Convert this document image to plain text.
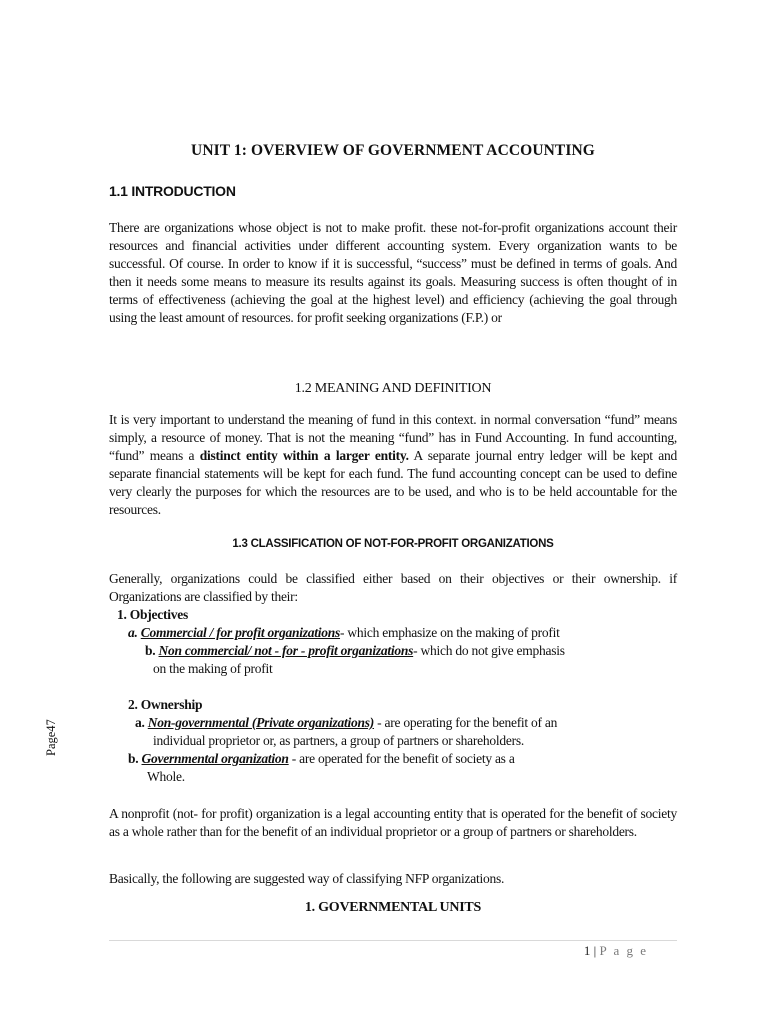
Page47
UNIT 1: OVERVIEW OF GOVERNMENT ACCOUNTING
1.1 INTRODUCTION

There are organizations whose object is not to make profit. these not-for-profit organizations account their resources and financial activities under different accounting system. Every organization wants to be successful. Of course. In order to know if it is successful, “success” must be defined in terms of goals. And then it needs some means to measure its results against its goals. Measuring success is often thought of in terms of effectiveness (achieving the goal at the highest level) and efficiency (achieving the goal through using the least amount of resources. for profit seeking organizations (F.P.) or

1.2 MEANING AND DEFINITION

It is very important to understand the meaning of fund in this context. in normal conversation “fund” means simply, a resource of money. That is not the meaning “fund” has in Fund Accounting. In fund accounting, “fund” means a distinct entity within a larger entity. A separate journal entry ledger will be kept and separate financial statements will be kept for each fund. The fund accounting concept can be used to define very clearly the purposes for which the resources are to be used, and who is to be held accountable for the resources.

1.3 CLASSIFICATION OF NOT-FOR-PROFIT ORGANIZATIONS

Generally, organizations could be classified either based on their objectives or their ownership. if Organizations are classified by their:

1. Objectives
a. Commercial / for profit organizations- which emphasize on the making of profit
b. Non commercial/ not - for - profit organizations- which do not give emphasis
on the making of profit
2. Ownership
a. Non-governmental (Private organizations) - are operating for the benefit of an
individual proprietor or, as partners, a group of partners or shareholders.
b. Governmental organization - are operated for the benefit of society as a
Whole.

A nonprofit (not- for profit) organization is a legal accounting entity that is operated for the benefit of society as a whole rather than for the benefit of an individual proprietor or a group of partners or shareholders.

Basically, the following are suggested way of classifying NFP organizations.

1. GOVERNMENTAL UNITS
1 | P a g e
